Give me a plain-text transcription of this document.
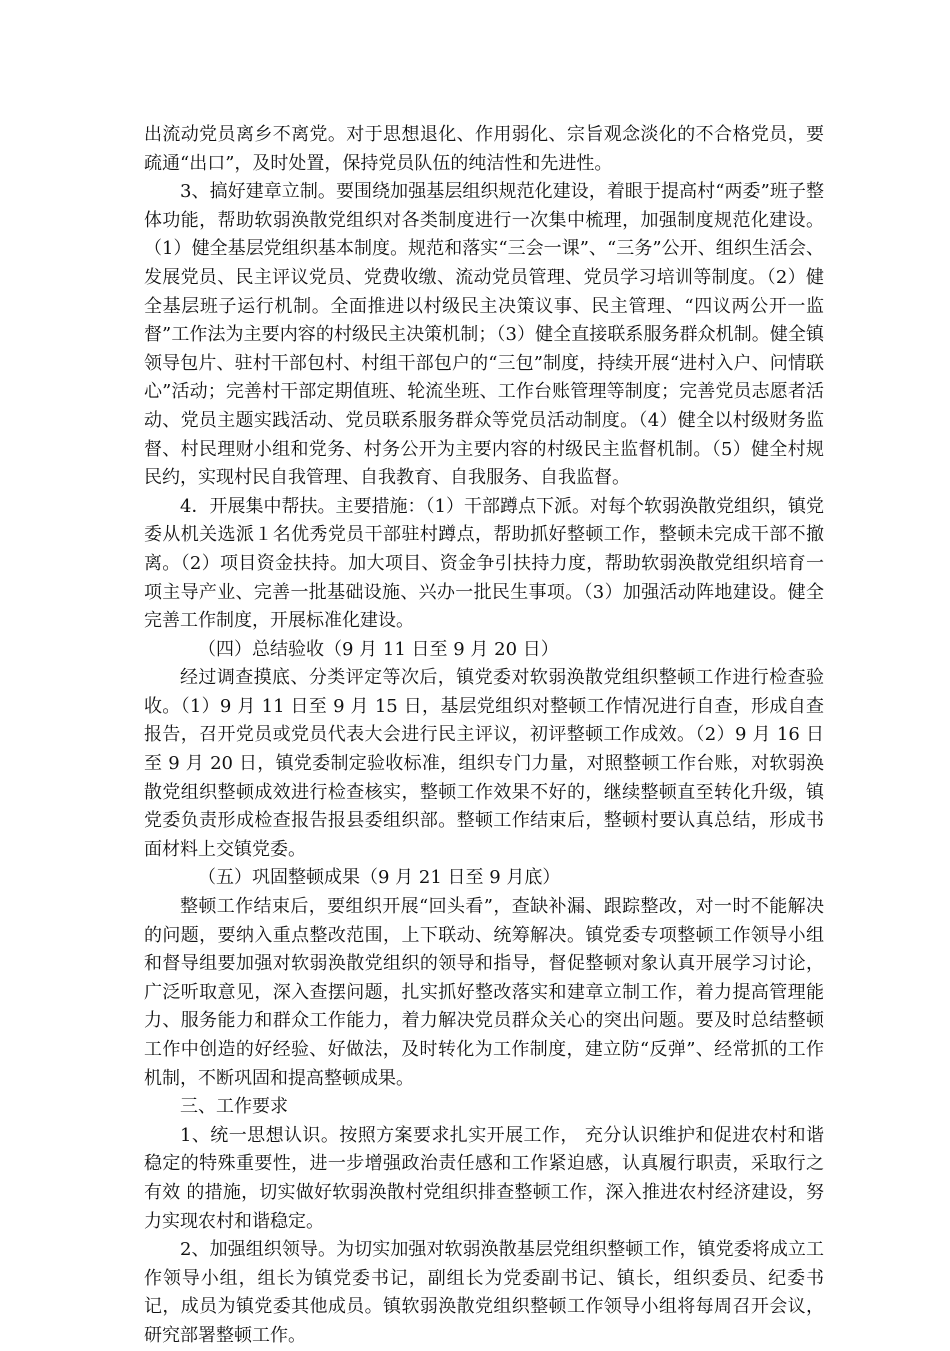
出流动党员离乡不离党。对于思想退化、作用弱化、宗旨观念淡化的不合格党员，要疏通“出口”，及时处置，保持党员队伍的纯洁性和先进性。

3、搞好建章立制。要围绕加强基层组织规范化建设，着眼于提高村“两委”班子整体功能，帮助软弱涣散党组织对各类制度进行一次集中梳理，加强制度规范化建设。（1）健全基层党组织基本制度。规范和落实“三会一课”、“三务”公开、组织生活会、发展党员、民主评议党员、党费收缴、流动党员管理、党员学习培训等制度。（2）健全基层班子运行机制。全面推进以村级民主决策议事、民主管理、“四议两公开一监督”工作法为主要内容的村级民主决策机制；（3）健全直接联系服务群众机制。健全镇领导包片、驻村干部包村、村组干部包户的“三包”制度，持续开展“进村入户、问情联心”活动；完善村干部定期值班、轮流坐班、工作台账管理等制度；完善党员志愿者活动、党员主题实践活动、党员联系服务群众等党员活动制度。（4）健全以村级财务监督、村民理财小组和党务、村务公开为主要内容的村级民主监督机制。（5）健全村规民约，实现村民自我管理、自我教育、自我服务、自我监督。

4．开展集中帮扶。主要措施：（1）干部蹲点下派。对每个软弱涣散党组织，镇党委从机关选派１名优秀党员干部驻村蹲点，帮助抓好整顿工作，整顿未完成干部不撤离。（2）项目资金扶持。加大项目、资金争引扶持力度，帮助软弱涣散党组织培育一项主导产业、完善一批基础设施、兴办一批民生事项。（3）加强活动阵地建设。健全完善工作制度，开展标准化建设。

（四）总结验收（9 月 11 日至 9 月 20 日）

经过调查摸底、分类评定等次后，镇党委对软弱涣散党组织整顿工作进行检查验收。（1）9 月 11 日至 9 月 15 日，基层党组织对整顿工作情况进行自查，形成自查报告，召开党员或党员代表大会进行民主评议，初评整顿工作成效。（2）9 月 16 日至 9 月 20 日，镇党委制定验收标准，组织专门力量，对照整顿工作台账，对软弱涣散党组织整顿成效进行检查核实，整顿工作效果不好的，继续整顿直至转化升级，镇党委负责形成检查报告报县委组织部。整顿工作结束后，整顿村要认真总结，形成书面材料上交镇党委。

（五）巩固整顿成果（9 月 21 日至 9 月底）

整顿工作结束后，要组织开展“回头看”，查缺补漏、跟踪整改，对一时不能解决的问题，要纳入重点整改范围，上下联动、统筹解决。镇党委专项整顿工作领导小组和督导组要加强对软弱涣散党组织的领导和指导，督促整顿对象认真开展学习讨论，广泛听取意见，深入查摆问题，扎实抓好整改落实和建章立制工作，着力提高管理能力、服务能力和群众工作能力，着力解决党员群众关心的突出问题。要及时总结整顿工作中创造的好经验、好做法，及时转化为工作制度，建立防“反弹”、经常抓的工作机制，不断巩固和提高整顿成果。

三、工作要求

1、统一思想认识。按照方案要求扎实开展工作， 充分认识维护和促进农村和谐稳定的特殊重要性，进一步增强政治责任感和工作紧迫感，认真履行职责，采取行之有效 的措施，切实做好软弱涣散村党组织排查整顿工作，深入推进农村经济建设，努力实现农村和谐稳定。

2、加强组织领导。为切实加强对软弱涣散基层党组织整顿工作，镇党委将成立工作领导小组，组长为镇党委书记，副组长为党委副书记、镇长，组织委员、纪委书记，成员为镇党委其他成员。镇软弱涣散党组织整顿工作领导小组将每周召开会议，研究部署整顿工作。
